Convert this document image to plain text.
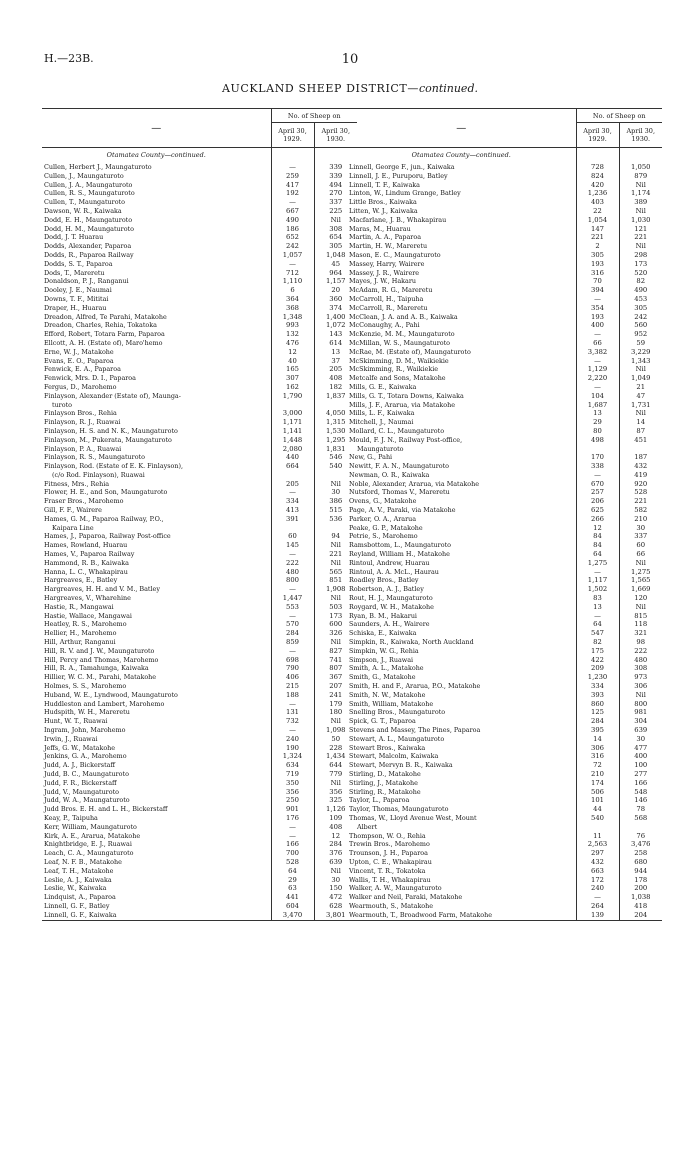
H.—23B.	10
AUCKLAND SHEEP DISTRICT—continued.
—	No. of Sheep on	
	April 30, 1929.	April 30, 1930.
Otamatea County—continued.		
Cullen, Herbert J., Maungaturoto	—	339
Cullen, J., Maungaturoto	259	339
Cullen, J. A., Maungaturoto	417	494
Cullen, R. S., Maungaturoto	192	270
Cullen, T., Maungaturoto	—	337
Dawson, W. R., Kaiwaka	667	225
Dodd, E. H., Maungaturoto	490	Nil
Dodd, H. M., Maungaturoto	186	308
Dodd, J. T. Huarau	652	654
Dodds, Alexander, Paparoa	242	305
Dodds, R., Paparoa Railway	1,057	1,048
Dodds, S. T., Paparoa	—	45
Dods, T., Mareretu	712	964
Donaldson, P. J., Ranganui	1,110	1,157
Dooley, J. E., Naumai	6	20
Downs, T. F., Mititai	364	360
Draper, H., Huarau	368	374
Dreadon, Alfred, Te Parahi, Matakohe	1,348	1,400
Dreadon, Charles, Rehia, Tokatoka	993	1,072
Efford, Robert, Totara Farm, Paparoa	132	143
Ellcott, A. H. (Estate of), Maro'hemo	476	614
Erne, W. J., Matakohe	12	13
Evans, E. O., Paparoa	40	37
Fenwick, E. A., Paparoa	165	205
Fenwick, Mrs. D. I., Paparoa	307	408
Fergus, D., Marohemo	162	182
Finlayson, Alexander (Estate of), Maunga-	1,790	1,837
turoto		
Finlayson Bros., Rehia	3,000	4,050
Finlayson, R. J., Ruawai	1,171	1,315
Finlayson, H. S. and N. K., Maungaturoto	1,141	1,530
Finlayson, M., Pukerata, Maungaturoto	1,448	1,295
Finlayson, P. A., Ruawai	2,080	1,831
Finlayson, R. S., Maungaturoto	440	546
Finlayson, Rod. (Estate of E. K. Finlayson),	664	540
(c/o Rod. Finlayson), Ruawai		
Fitness, Mrs., Rehia	205	Nil
Flower, H. E., and Son, Maungaturoto	—	30
Fraser Bros., Marohemo	334	386
Gill, F. F., Wairere	413	515
Hames, G. M., Paparoa Railway, P.O.,	391	536
Kaipara Line		
Hames, J., Paparoa, Railway Post-office	60	94
Hames, Rowland, Huarau	145	Nil
Hames, V., Paparoa Railway	—	221
Hammond, R. B., Kaiwaka	222	Nil
Hanna, L. C., Whakapirau	480	565
Hargreaves, E., Batley	800	851
Hargreaves, H. H. and V. M., Batley	—	1,908
Hargreaves, V., Wharehine	1,447	Nil
Hastie, R., Mangawai	553	503
Hastie, Wallace, Mangawai	—	173
Heatley, R. S., Marohemo	570	600
Hellier, H., Marohemo	284	326
Hill, Arthur, Ranganui	859	Nil
Hill, R. V. and J. W., Maungaturoto	—	827
Hill, Percy and Thomas, Marohemo	698	741
Hill, R. A., Tamahunga, Kaiwaka	790	807
Hillier, W. C. M., Parahi, Matakohe	406	367
Holmes, S. S., Marohemo	215	207
Huband, W. E., Lyndwood, Maungaturoto	188	241
Huddleston and Lambert, Marohemo	—	179
Hudspith, W. H., Mareretu	131	180
Hunt, W. T., Ruawai	732	Nil
Ingram, John, Marohemo	—	1,098
Irwin, J., Ruawai	240	50
Jeffs, G. W., Matakohe	190	228
Jenkins, G. A., Marohemo	1,324	1,434
Judd, A. J., Bickerstaff	634	644
Judd, B. C., Maungaturoto	719	779
Judd, F. R., Bickerstaff	350	Nil
Judd, V., Maungaturoto	356	356
Judd, W. A., Maungaturoto	250	325
Judd Bros. E. H. and L. H., Bickerstaff	901	1,126
Keay, P., Taipuha	176	109
Kerr, William, Maungaturoto	—	408
Kirk, A. E., Ararua, Matakohe	—	12
Knightbridge, E. J., Ruawai	166	284
Leach, C. A., Maungaturoto	700	376
Leaf, N. F. B., Matakohe	528	639
Leaf, T. H., Matakohe	64	Nil
Leslie, A. J., Kaiwaka	29	30
Leslie, W., Kaiwaka	63	150
Lindquist, A., Paparoa	441	472
Linnell, G. F., Batley	604	628
Linnell, G. F., Kaiwaka	3,470	3,801
—	No. of Sheep on	
	April 30, 1929.	April 30, 1930.
Otamatea County—continued.		
Linnell, George F., jun., Kaiwaka	728	1,050
Linnell, J. E., Puruporu, Batley	824	879
Linnell, T. F., Kaiwaka	420	Nil
Linton, W., Lindum Grange, Batley	1,236	1,174
Little Bros., Kaiwaka	403	389
Litten, W. J., Kaiwaka	22	Nil
Macfarlane, J. B., Whakapirau	1,054	1,030
Maras, M., Huarau	147	121
Martin, A. A., Paparoa	221	221
Martin, H. W., Mareretu	2	Nil
Mason, E. C., Maungaturoto	305	298
Massey, Harry, Wairere	193	173
Massey, J. R., Wairere	316	520
Mayes, J. W., Hakaru	70	82
McAdam, R. G., Mareretu	394	490
McCarroll, H., Taipuha	—	453
McCarroll, R., Mareretu	354	305
McClean, J. A. and A. B., Kaiwaka	193	242
McConaughy, A., Pahi	400	560
McKenzie, M. M., Maungaturoto	—	952
McMillan, W. S., Maungaturoto	66	59
McRae, M. (Estate of), Maungaturoto	3,382	3,229
McSkimming, D. M., Waikiekie	—	1,343
McSkimming, R., Waikiekie	1,129	Nil
Metcalfe and Sons, Matakohe	2,220	1,049
Mills, G. E., Kaiwaka	—	21
Mills, G. T., Totara Downs, Kaiwaka	104	47
Mills, J. F., Ararua, via Matakohe	1,687	1,731
Mills, L. F., Kaiwaka	13	Nil
Mitchell, J., Naumai	29	14
Mollard, C. L., Maungaturoto	80	87
Mould, F. J. N., Railway Post-office,	498	451
Maungaturoto		
New, G., Pahi	170	187
Newitt, F. A. N., Maungaturoto	338	432
Newman, O. R., Kaiwaka	—	419
Noble, Alexander, Ararua, via Matakohe	670	920
Nutsford, Thomas V., Mareretu	257	528
Ovens, G., Matakohe	206	221
Page, A. V., Paraki, via Matakohe	625	582
Parker, O. A., Ararua	266	210
Peake, G. P., Matakohe	12	30
Petrie, S., Marohemo	84	337
Ramsbottom, L., Maungaturoto	84	60
Reyland, William H., Matakohe	64	66
Rintoul, Andrew, Huarau	1,275	Nil
Rintoul, A. A. McL., Haurau	—	1,275
Roadley Bros., Batley	1,117	1,565
Robertson, A. J., Batley	1,502	1,669
Rout, H. J., Maungaturoto	83	120
Roygard, W. H., Matakohe	13	Nil
Ryan, B. M., Hakarui	—	815
Saunders, A. H., Wairere	64	118
Schiska, E., Kaiwaka	547	321
Simpkin, R., Kaiwaka, North Auckland	82	98
Simpkin, W. G., Rehia	175	222
Simpson, J., Ruawai	422	480
Smith, A. L., Matakohe	209	308
Smith, G., Matakohe	1,230	973
Smith, H. and F., Ararua, P.O., Matakohe	334	306
Smith, N. W., Matakohe	393	Nil
Smith, William, Matakohe	860	800
Snelling Bros., Maungaturoto	125	981
Spick, G. T., Paparoa	284	304
Stevens and Massey, The Pines, Paparoa	395	639
Stewart, A. L., Maungaturoto	14	30
Stewart Bros., Kaiwaka	306	477
Stewart, Malcolm, Kaiwaka	316	400
Stewart, Mervyn B. R., Kaiwaka	72	100
Stirling, D., Matakohe	210	277
Stirling, J., Matakohe	174	166
Stirling, R., Matakohe	506	548
Taylor, L., Paparoa	101	146
Taylor, Thomas, Maungaturoto	44	78
Thomas, W., Lloyd Avenue West, Mount	540	568
Albert		
Thompson, W. O., Rehia	11	76
Trewin Bros., Marohemo	2,563	3,476
Trounson, J. H., Paparoa	297	258
Upton, C. E., Whakapirau	432	680
Vincent, T. R., Tokatoka	663	944
Wallis, T. H., Whakapirau	172	178
Walker, A. W., Maungaturoto	240	200
Walker and Neil, Paraki, Matakohe	—	1,038
Wearmouth, S., Matakohe	264	418
Wearmouth, T., Broadwood Farm, Matakohe	139	204
